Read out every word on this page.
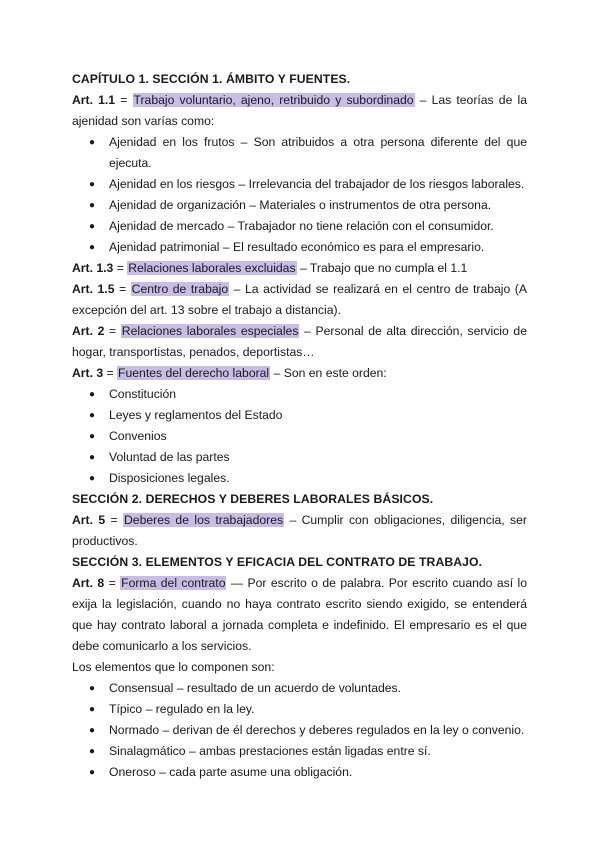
CAPÍTULO 1. SECCIÓN 1. ÁMBITO Y FUENTES.
Art. 1.1 = Trabajo voluntario, ajeno, retribuido y subordinado – Las teorías de la ajenidad son varías como:
● Ajenidad en los frutos – Son atribuidos a otra persona diferente del que ejecuta.
● Ajenidad en los riesgos – Irrelevancia del trabajador de los riesgos laborales.
● Ajenidad de organización – Materiales o instrumentos de otra persona.
● Ajenidad de mercado – Trabajador no tiene relación con el consumidor.
● Ajenidad patrimonial – El resultado económico es para el empresario.
Art. 1.3 = Relaciones laborales excluidas – Trabajo que no cumpla el 1.1
Art. 1.5 = Centro de trabajo – La actividad se realizará en el centro de trabajo (A excepción del art. 13 sobre el trabajo a distancia).
Art. 2 = Relaciones laborales especiales – Personal de alta dirección, servicio de hogar, transportistas, penados, deportistas…
Art. 3 = Fuentes del derecho laboral – Son en este orden:
● Constitución
● Leyes y reglamentos del Estado
● Convenios
● Voluntad de las partes
● Disposiciones legales.
SECCIÓN 2. DERECHOS Y DEBERES LABORALES BÁSICOS.
Art. 5 = Deberes de los trabajadores – Cumplir con obligaciones, diligencia, ser productivos.
SECCIÓN 3. ELEMENTOS Y EFICACIA DEL CONTRATO DE TRABAJO.
Art. 8 = Forma del contrato — Por escrito o de palabra. Por escrito cuando así lo exija la legislación, cuando no haya contrato escrito siendo exigido, se entenderá que hay contrato laboral a jornada completa e indefinido. El empresario es el que debe comunicarlo a los servicios.
Los elementos que lo componen son:
● Consensual – resultado de un acuerdo de voluntades.
● Típico – regulado en la ley.
● Normado – derivan de él derechos y deberes regulados en la ley o convenio.
● Sinalagmático – ambas prestaciones están ligadas entre sí.
● Oneroso – cada parte asume una obligación.
